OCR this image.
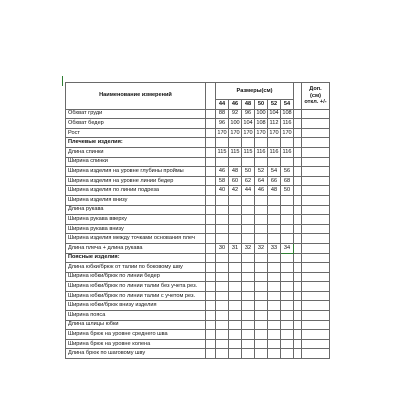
Наименование измерений		Размеры(см)							Доп. (см) откл. +/-
		44	46	48	50	52	54		
Обхват груди		88	92	96	100	104	108		
Обхват бедер		96	100	104	108	112	116		
Рост		170	170	170	170	170	170		
Плечевые изделия:									
Длина спинки		115	115	115	116	116	116		
Ширина спинки									
Ширина изделия на уровне глубины проймы		46	48	50	52	54	56		
Ширина изделия на уровне линии бедер		58	60	62	64	66	68		
Ширина изделия по линии подреза		40	42	44	46	48	50		
Ширина изделия внизу									
Длина рукава									
Ширина рукава вверху									
Ширина рукава внизу									
Ширина изделия между точками основания плеч									
Длина плеча + длина рукава		30	31	32	32	33	34		
Поясные изделия:									
Длина юбки/брюк от талии по боковому шву									
Ширина юбки/брюк по линии бедер									
Ширина юбки/брюк по линии талии без учета рез.									
Ширина юбки/брюк по линии талии с учетом рез.									
Ширина юбки/брюк внизу изделия									
Ширина пояса									
Длина шлицы юбки									
Ширина брюк на уровне среднего шва									
Ширина брюк на уровне колена									
Длина брюк по шаговому шву									
